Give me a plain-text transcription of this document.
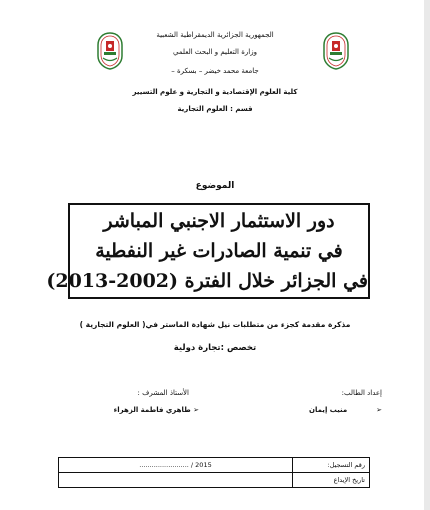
الجمهورية الجزائرية الديمقراطية الشعبية
وزارة التعليم و البحث العلمي
جامعة محمد خيضر – بسكرة –
كلية العلوم الإقتصادية و التجارية و علوم التسيير
قسم : العلوم التجارية
الموضوع
دور الاستثمار الاجنبي المباشر
في تنمية الصادرات غير النفطية
في الجزائر خلال الفترة (2002-2013)
مذكرة مقدمة كجزء من متطلبات نيل شهادة الماستر في( العلوم التجارية )
تخصص :تجارة دولية
إعداد الطالب:
➢  منيب إيمان
الأستاذ المشرف :
➢ طاهري فاطمة الزهراء
........................ / 2015	رقم التسجيل:
	تاريخ الإيداع
